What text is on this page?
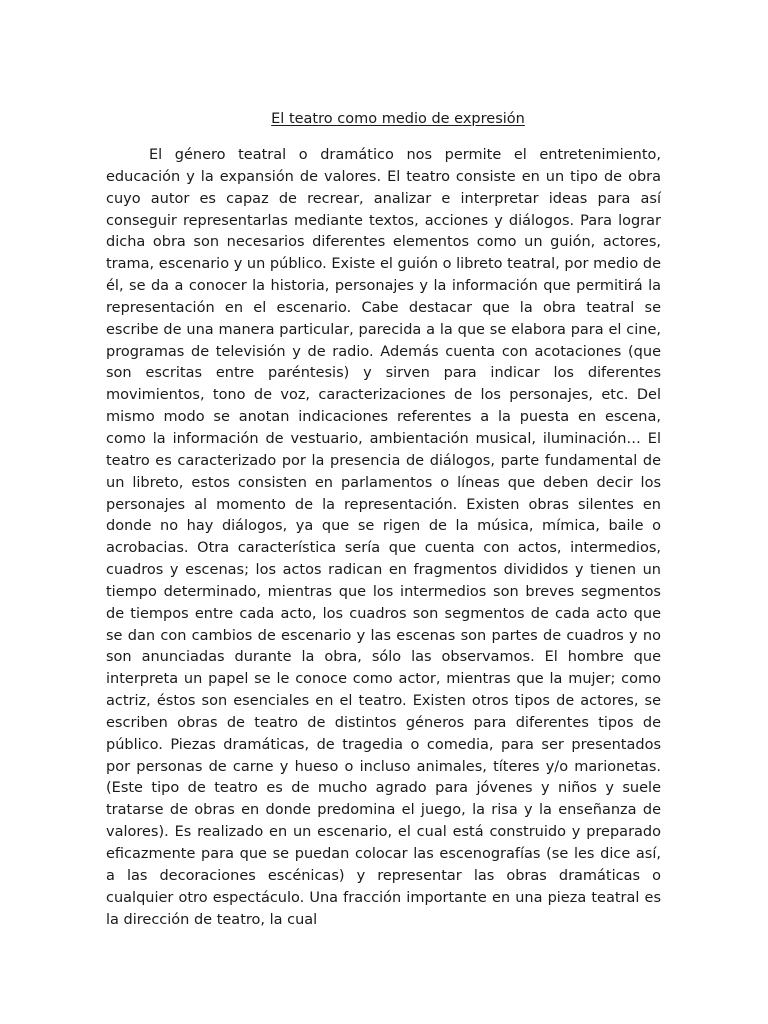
El teatro como medio de expresión

El género teatral o dramático nos permite el entretenimiento, educación y la expansión de valores. El teatro consiste en un tipo de obra cuyo autor es capaz de recrear, analizar e interpretar ideas para así conseguir representarlas mediante textos, acciones y diálogos. Para lograr dicha obra son necesarios diferentes elementos como un guión, actores, trama, escenario y un público. Existe el guión o libreto teatral, por medio de él, se da a conocer la historia, personajes y la información que permitirá la representación en el escenario. Cabe destacar que la obra teatral se escribe de una manera particular, parecida a la que se elabora para el cine, programas de televisión y de radio. Además cuenta con acotaciones (que son escritas entre paréntesis) y sirven para indicar los diferentes movimientos, tono de voz, caracterizaciones de los personajes, etc. Del mismo modo se anotan indicaciones referentes a la puesta en escena, como la información de vestuario, ambientación musical, iluminación… El teatro es caracterizado por la presencia de diálogos, parte fundamental de un libreto, estos consisten en parlamentos o líneas que deben decir los personajes al momento de la representación. Existen obras silentes en donde no hay diálogos, ya que se rigen de la música, mímica, baile o acrobacias. Otra característica sería que cuenta con actos, intermedios, cuadros y escenas; los actos radican en fragmentos divididos y tienen un tiempo determinado, mientras que los intermedios son breves segmentos de tiempos entre cada acto, los cuadros son segmentos de cada acto que se dan con cambios de escenario y las escenas son partes de cuadros y no son anunciadas durante la obra, sólo las observamos. El hombre que interpreta un papel se le conoce como actor, mientras que la mujer; como actriz, éstos son esenciales en el teatro. Existen otros tipos de actores, se escriben obras de teatro de distintos géneros para diferentes tipos de público. Piezas dramáticas, de tragedia o comedia, para ser presentados por personas de carne y hueso o incluso animales, títeres y/o marionetas. (Este tipo de teatro es de mucho agrado para jóvenes y niños y suele tratarse de obras en donde predomina el juego, la risa y la enseñanza de valores). Es realizado en un escenario, el cual está construido y preparado eficazmente para que se puedan colocar las escenografías (se les dice así, a las decoraciones escénicas) y representar las obras dramáticas o cualquier otro espectáculo. Una fracción importante en una pieza teatral es la dirección de teatro, la cual
